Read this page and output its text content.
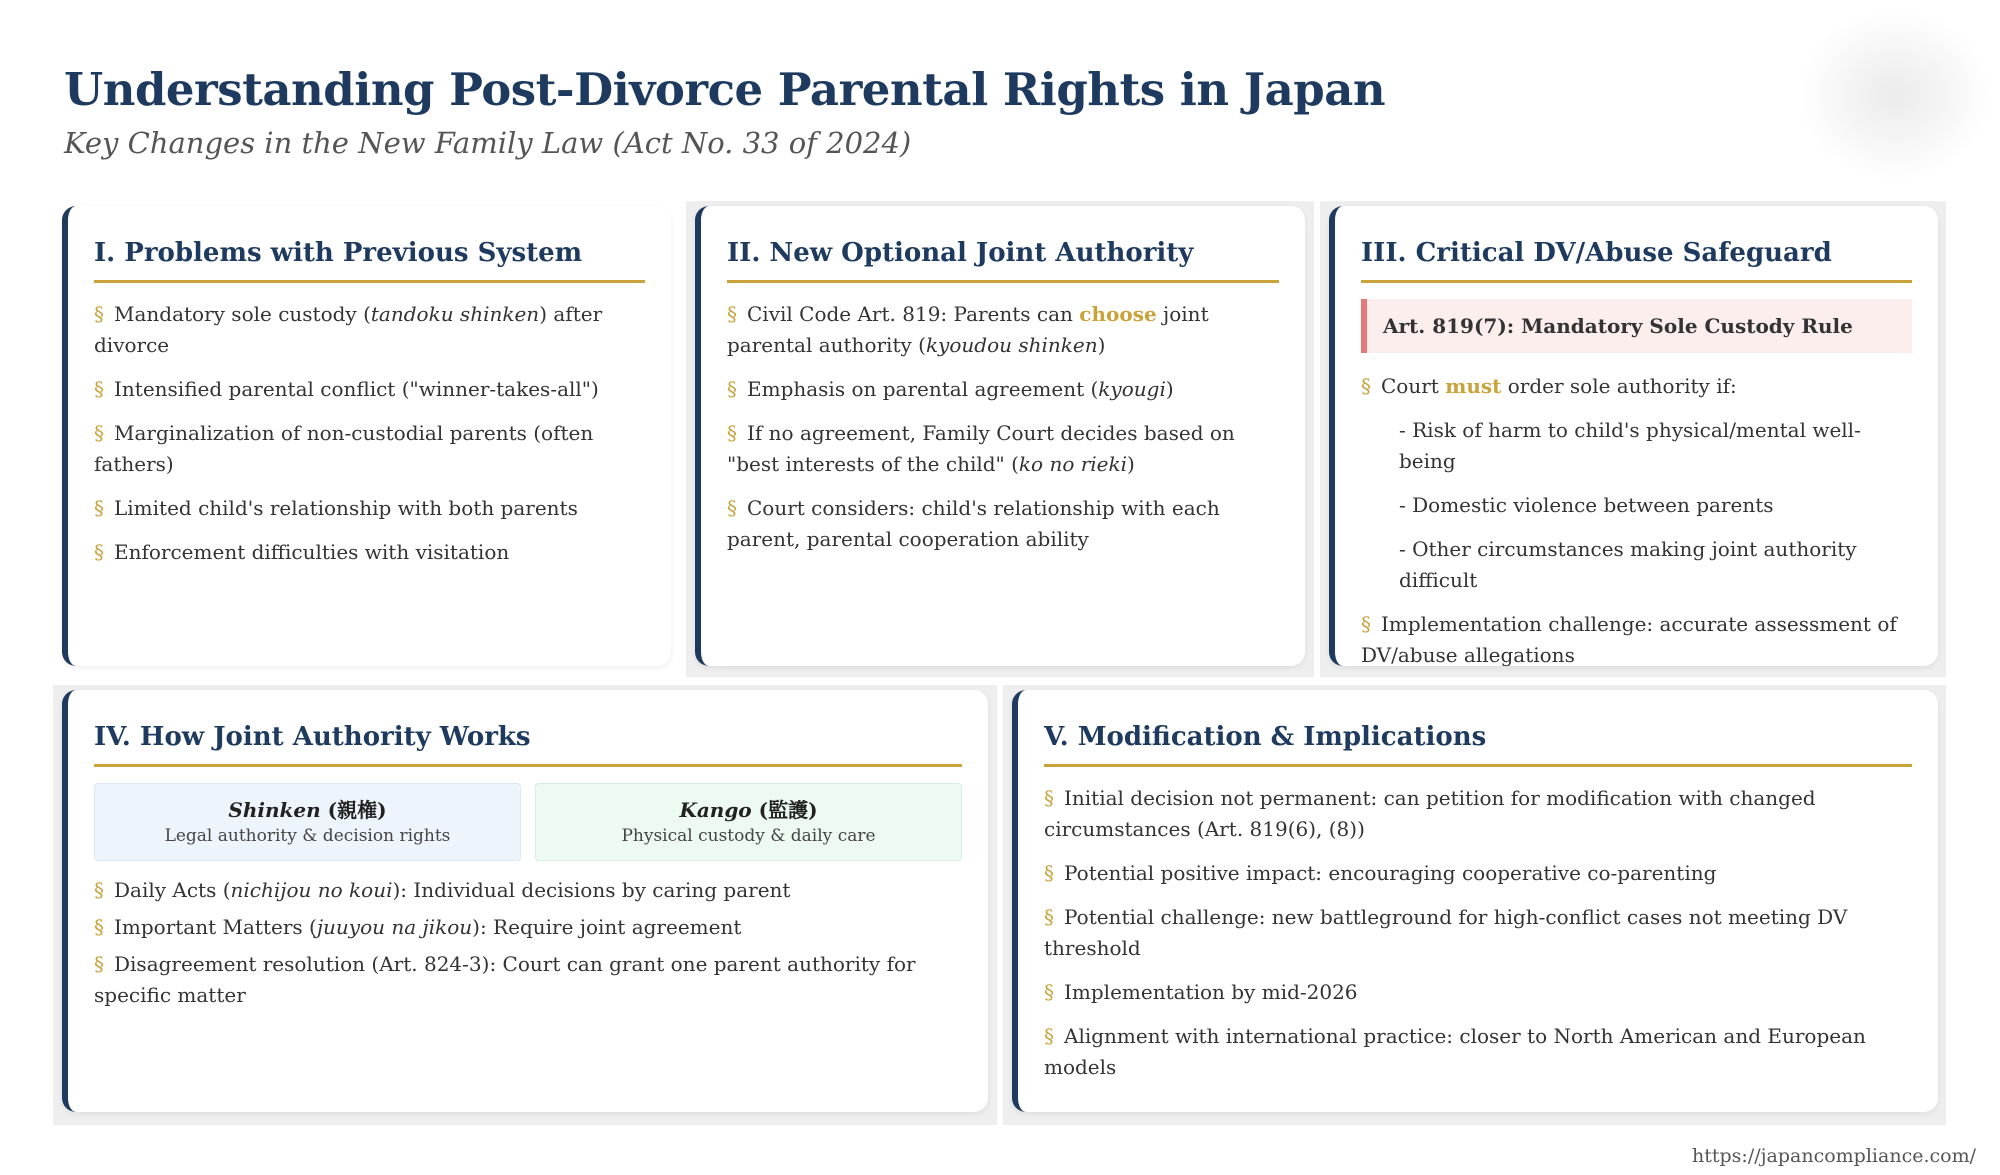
Understanding Post-Divorce Parental Rights in Japan
Key Changes in the New Family Law (Act No. 33 of 2024)
I. Problems with Previous System
§ Mandatory sole custody (tandoku shinken) after divorce
§ Intensified parental conflict ("winner-takes-all")
§ Marginalization of non-custodial parents (often fathers)
§ Limited child's relationship with both parents
§ Enforcement difficulties with visitation
II. New Optional Joint Authority
§ Civil Code Art. 819: Parents can choose joint parental authority (kyoudou shinken)
§ Emphasis on parental agreement (kyougi)
§ If no agreement, Family Court decides based on "best interests of the child" (ko no rieki)
§ Court considers: child's relationship with each parent, parental cooperation ability
III. Critical DV/Abuse Safeguard
Art. 819(7): Mandatory Sole Custody Rule
§ Court must order sole authority if:
- Risk of harm to child's physical/mental well-being
- Domestic violence between parents
- Other circumstances making joint authority difficult
§ Implementation challenge: accurate assessment of DV/abuse allegations
IV. How Joint Authority Works
Shinken (親権)
Legal authority & decision rights
Kango (監護)
Physical custody & daily care
§ Daily Acts (nichijou no koui): Individual decisions by caring parent
§ Important Matters (juuyou na jikou): Require joint agreement
§ Disagreement resolution (Art. 824-3): Court can grant one parent authority for specific matter
V. Modification & Implications
§ Initial decision not permanent: can petition for modification with changed circumstances (Art. 819(6), (8))
§ Potential positive impact: encouraging cooperative co-parenting
§ Potential challenge: new battleground for high-conflict cases not meeting DV threshold
§ Implementation by mid-2026
§ Alignment with international practice: closer to North American and European models
https://japancompliance.com/
